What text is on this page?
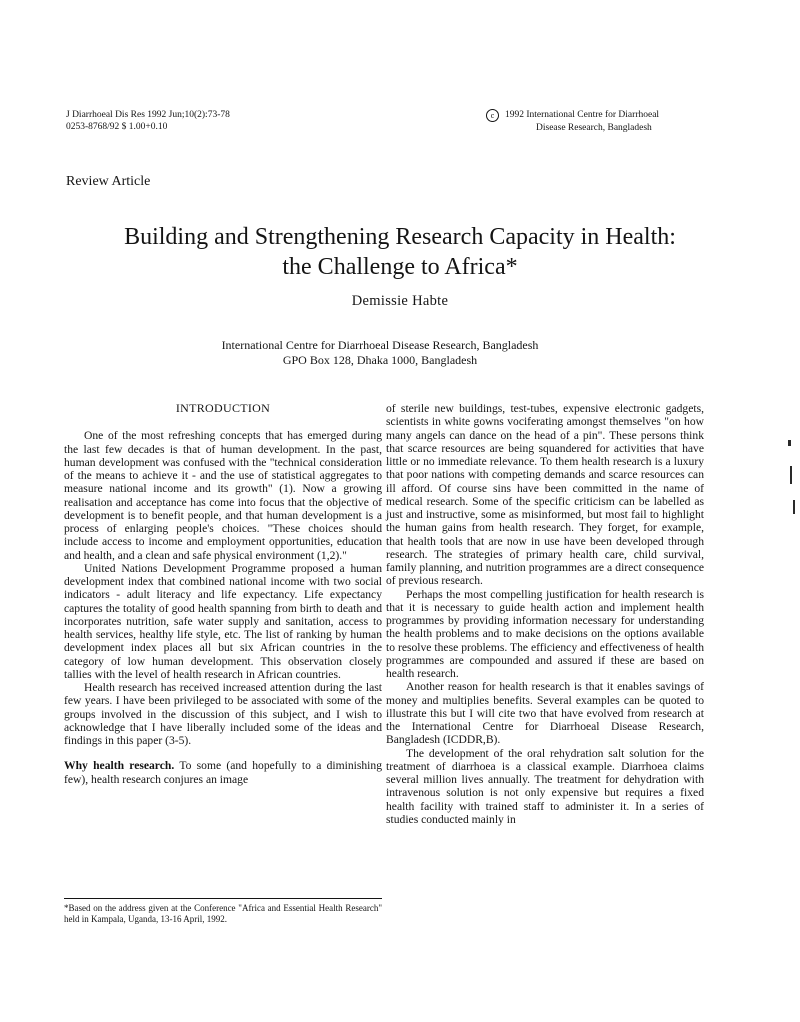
J Diarrhoeal Dis Res 1992 Jun;10(2):73-78
0253-8768/92 $ 1.00+0.10
c 1992 International Centre for Diarrhoeal
Disease Research, Bangladesh
Review Article
Building and Strengthening Research Capacity in Health:
the Challenge to Africa*
Demissie Habte
International Centre for Diarrhoeal Disease Research, Bangladesh
GPO Box 128, Dhaka 1000, Bangladesh
INTRODUCTION

One of the most refreshing concepts that has emerged during the last few decades is that of human development. In the past, human development was confused with the "technical consideration of the means to achieve it - and the use of statistical aggregates to measure national income and its growth" (1). Now a growing realisation and acceptance has come into focus that the objective of development is to benefit people, and that human development is a process of enlarging people's choices. "These choices should include access to income and employment opportunities, education and health, and a clean and safe physical environment (1,2)."

United Nations Development Programme proposed a human development index that combined national income with two social indicators - adult literacy and life expectancy. Life expectancy captures the totality of good health spanning from birth to death and incorporates nutrition, safe water supply and sanitation, access to health services, healthy life style, etc. The list of ranking by human development index places all but six African countries in the category of low human development. This observation closely tallies with the level of health research in African countries.

Health research has received increased attention during the last few years. I have been privileged to be associated with some of the groups involved in the discussion of this subject, and I wish to acknowledge that I have liberally included some of the ideas and findings in this paper (3-5).

Why health research. To some (and hopefully to a diminishing few), health research conjures an image

*Based on the address given at the Conference "Africa and Essential Health Research" held in Kampala, Uganda, 13-16 April, 1992.

of sterile new buildings, test-tubes, expensive electronic gadgets, scientists in white gowns vociferating amongst themselves "on how many angels can dance on the head of a pin". These persons think that scarce resources are being squandered for activities that have little or no immediate relevance. To them health research is a luxury that poor nations with competing demands and scarce resources can ill afford. Of course sins have been committed in the name of medical research. Some of the specific criticism can be labelled as just and instructive, some as misinformed, but most fail to highlight the human gains from health research. They forget, for example, that health tools that are now in use have been developed through research. The strategies of primary health care, child survival, family planning, and nutrition programmes are a direct consequence of previous research.

Perhaps the most compelling justification for health research is that it is necessary to guide health action and implement health programmes by providing information necessary for understanding the health problems and to make decisions on the options available to resolve these problems. The efficiency and effectiveness of health programmes are compounded and assured if these are based on health research.

Another reason for health research is that it enables savings of money and multiplies benefits. Several examples can be quoted to illustrate this but I will cite two that have evolved from research at the International Centre for Diarrhoeal Disease Research, Bangladesh (ICDDR,B).

The development of the oral rehydration salt solution for the treatment of diarrhoea is a classical example. Diarrhoea claims several million lives annually. The treatment for dehydration with intravenous solution is not only expensive but requires a fixed health facility with trained staff to administer it. In a series of studies conducted mainly in
